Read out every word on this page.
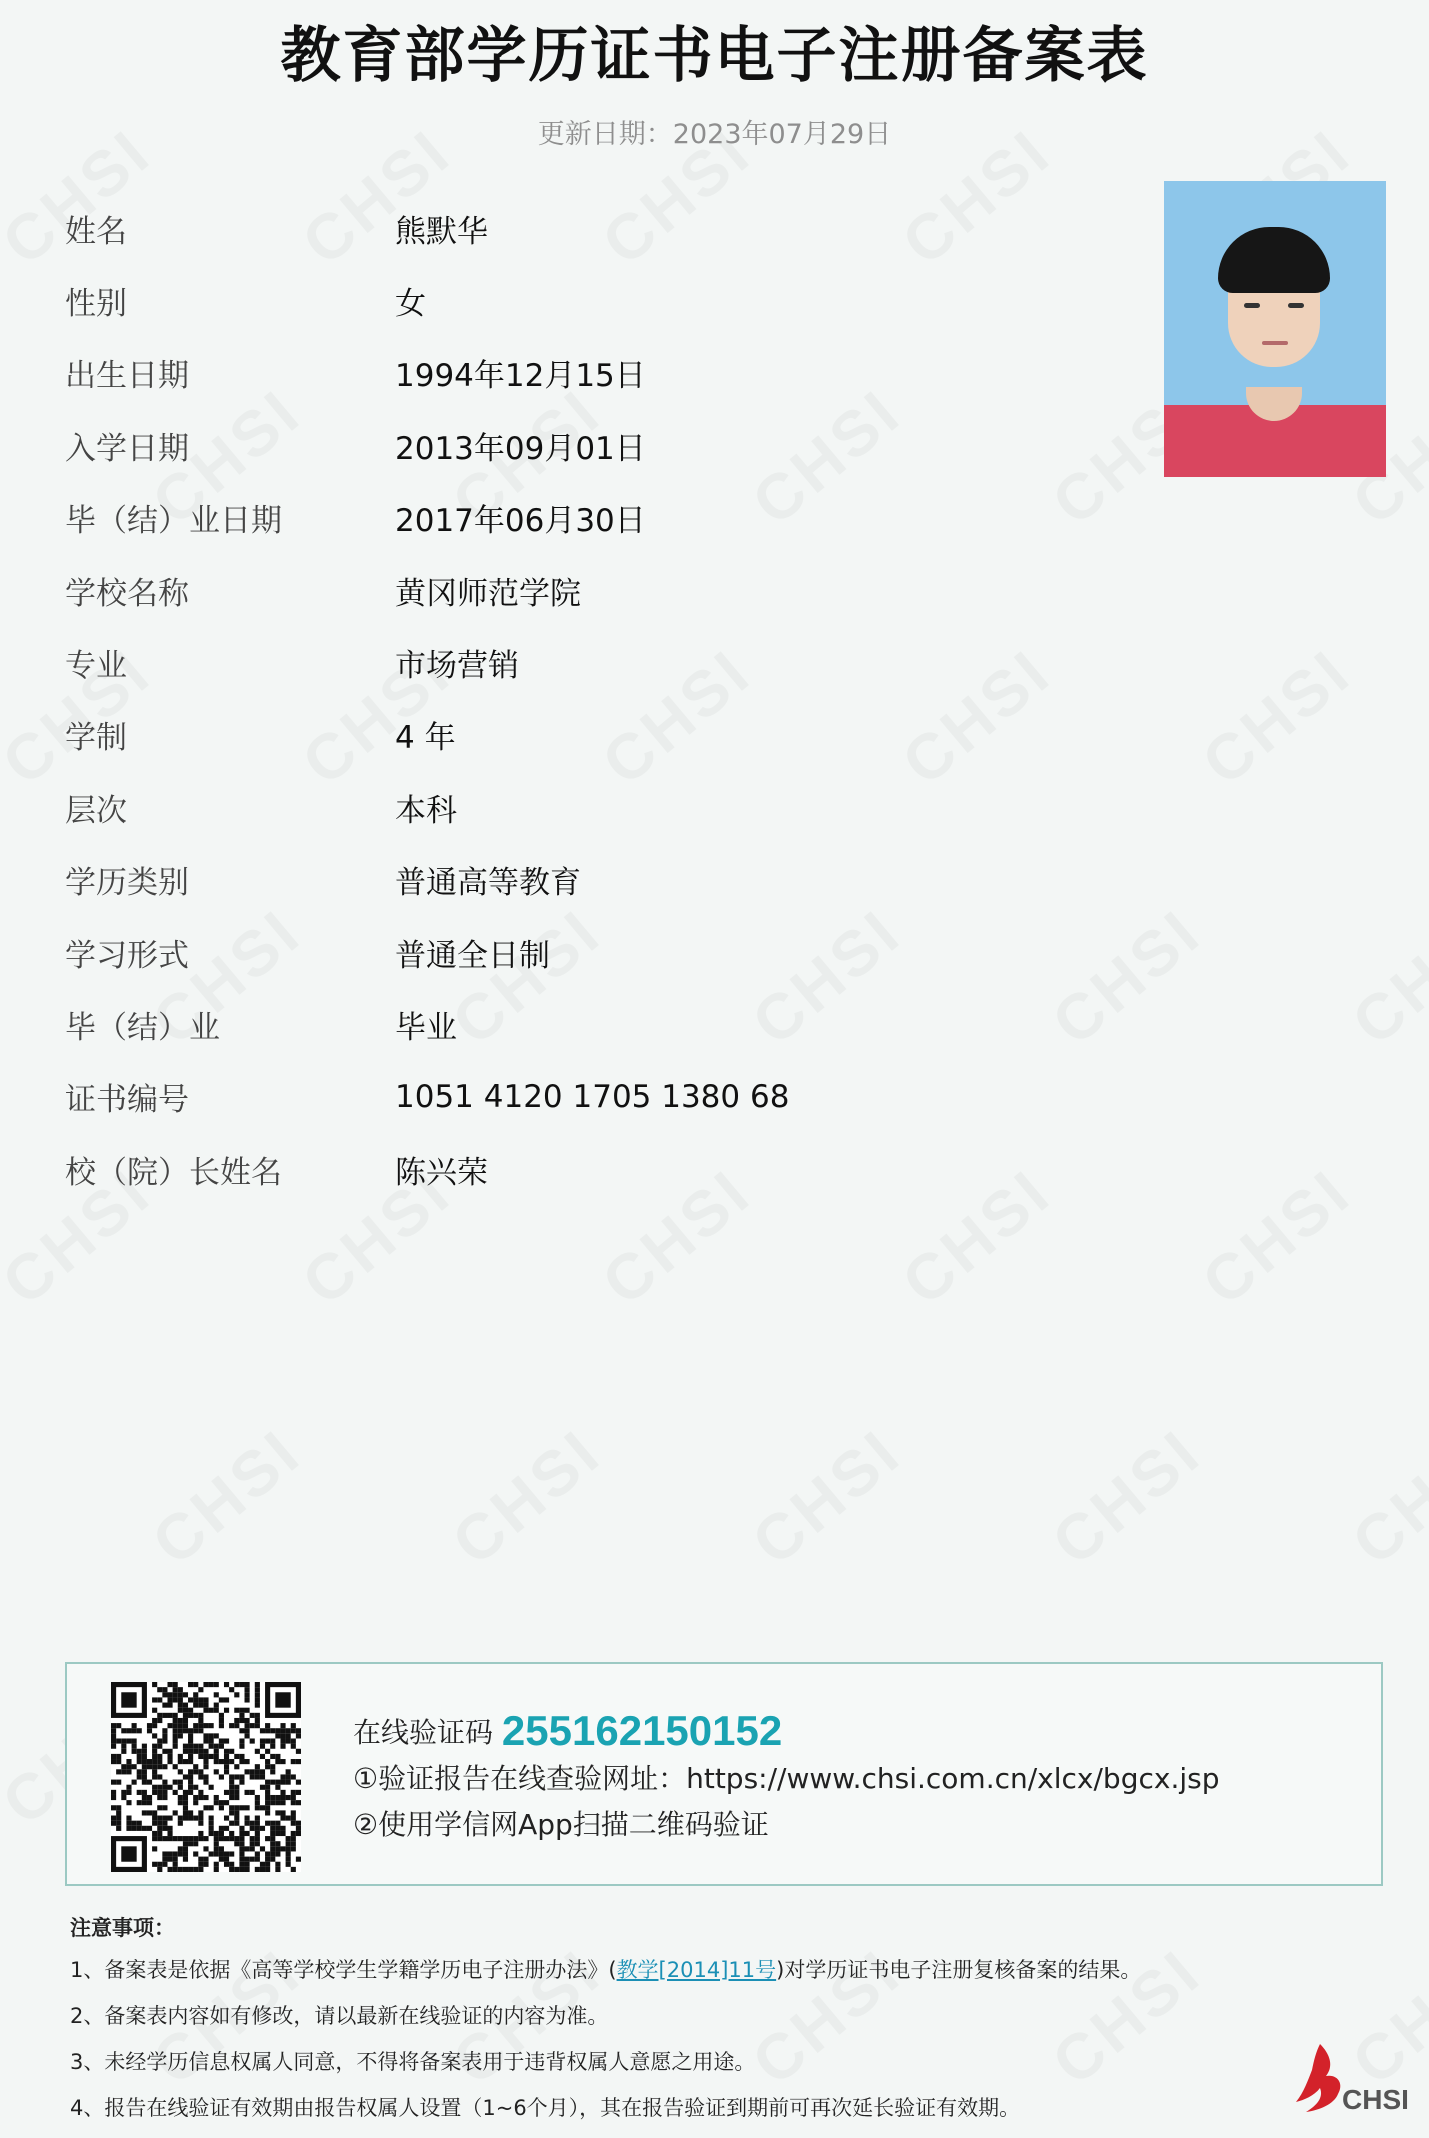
教育部学历证书电子注册备案表
更新日期：2023年07月29日
姓名	熊默华
性别	女
出生日期	1994年12月15日
入学日期	2013年09月01日
毕（结）业日期	2017年06月30日
学校名称	黄冈师范学院
专业	市场营销
学制	4 年
层次	本科
学历类别	普通高等教育
学习形式	普通全日制
毕（结）业	毕业
证书编号	1051 4120 1705 1380 68
校（院）长姓名	陈兴荣
在线验证码 255162150152
①验证报告在线查验网址：https://www.chsi.com.cn/xlcx/bgcx.jsp
②使用学信网App扫描二维码验证
注意事项：

1、备案表是依据《高等学校学生学籍学历电子注册办法》(教学[2014]11号)对学历证书电子注册复核备案的结果。

2、备案表内容如有修改，请以最新在线验证的内容为准。

3、未经学历信息权属人同意，不得将备案表用于违背权属人意愿之用途。

4、报告在线验证有效期由报告权属人设置（1~6个月），其在报告验证到期前可再次延长验证有效期。	CHSI
